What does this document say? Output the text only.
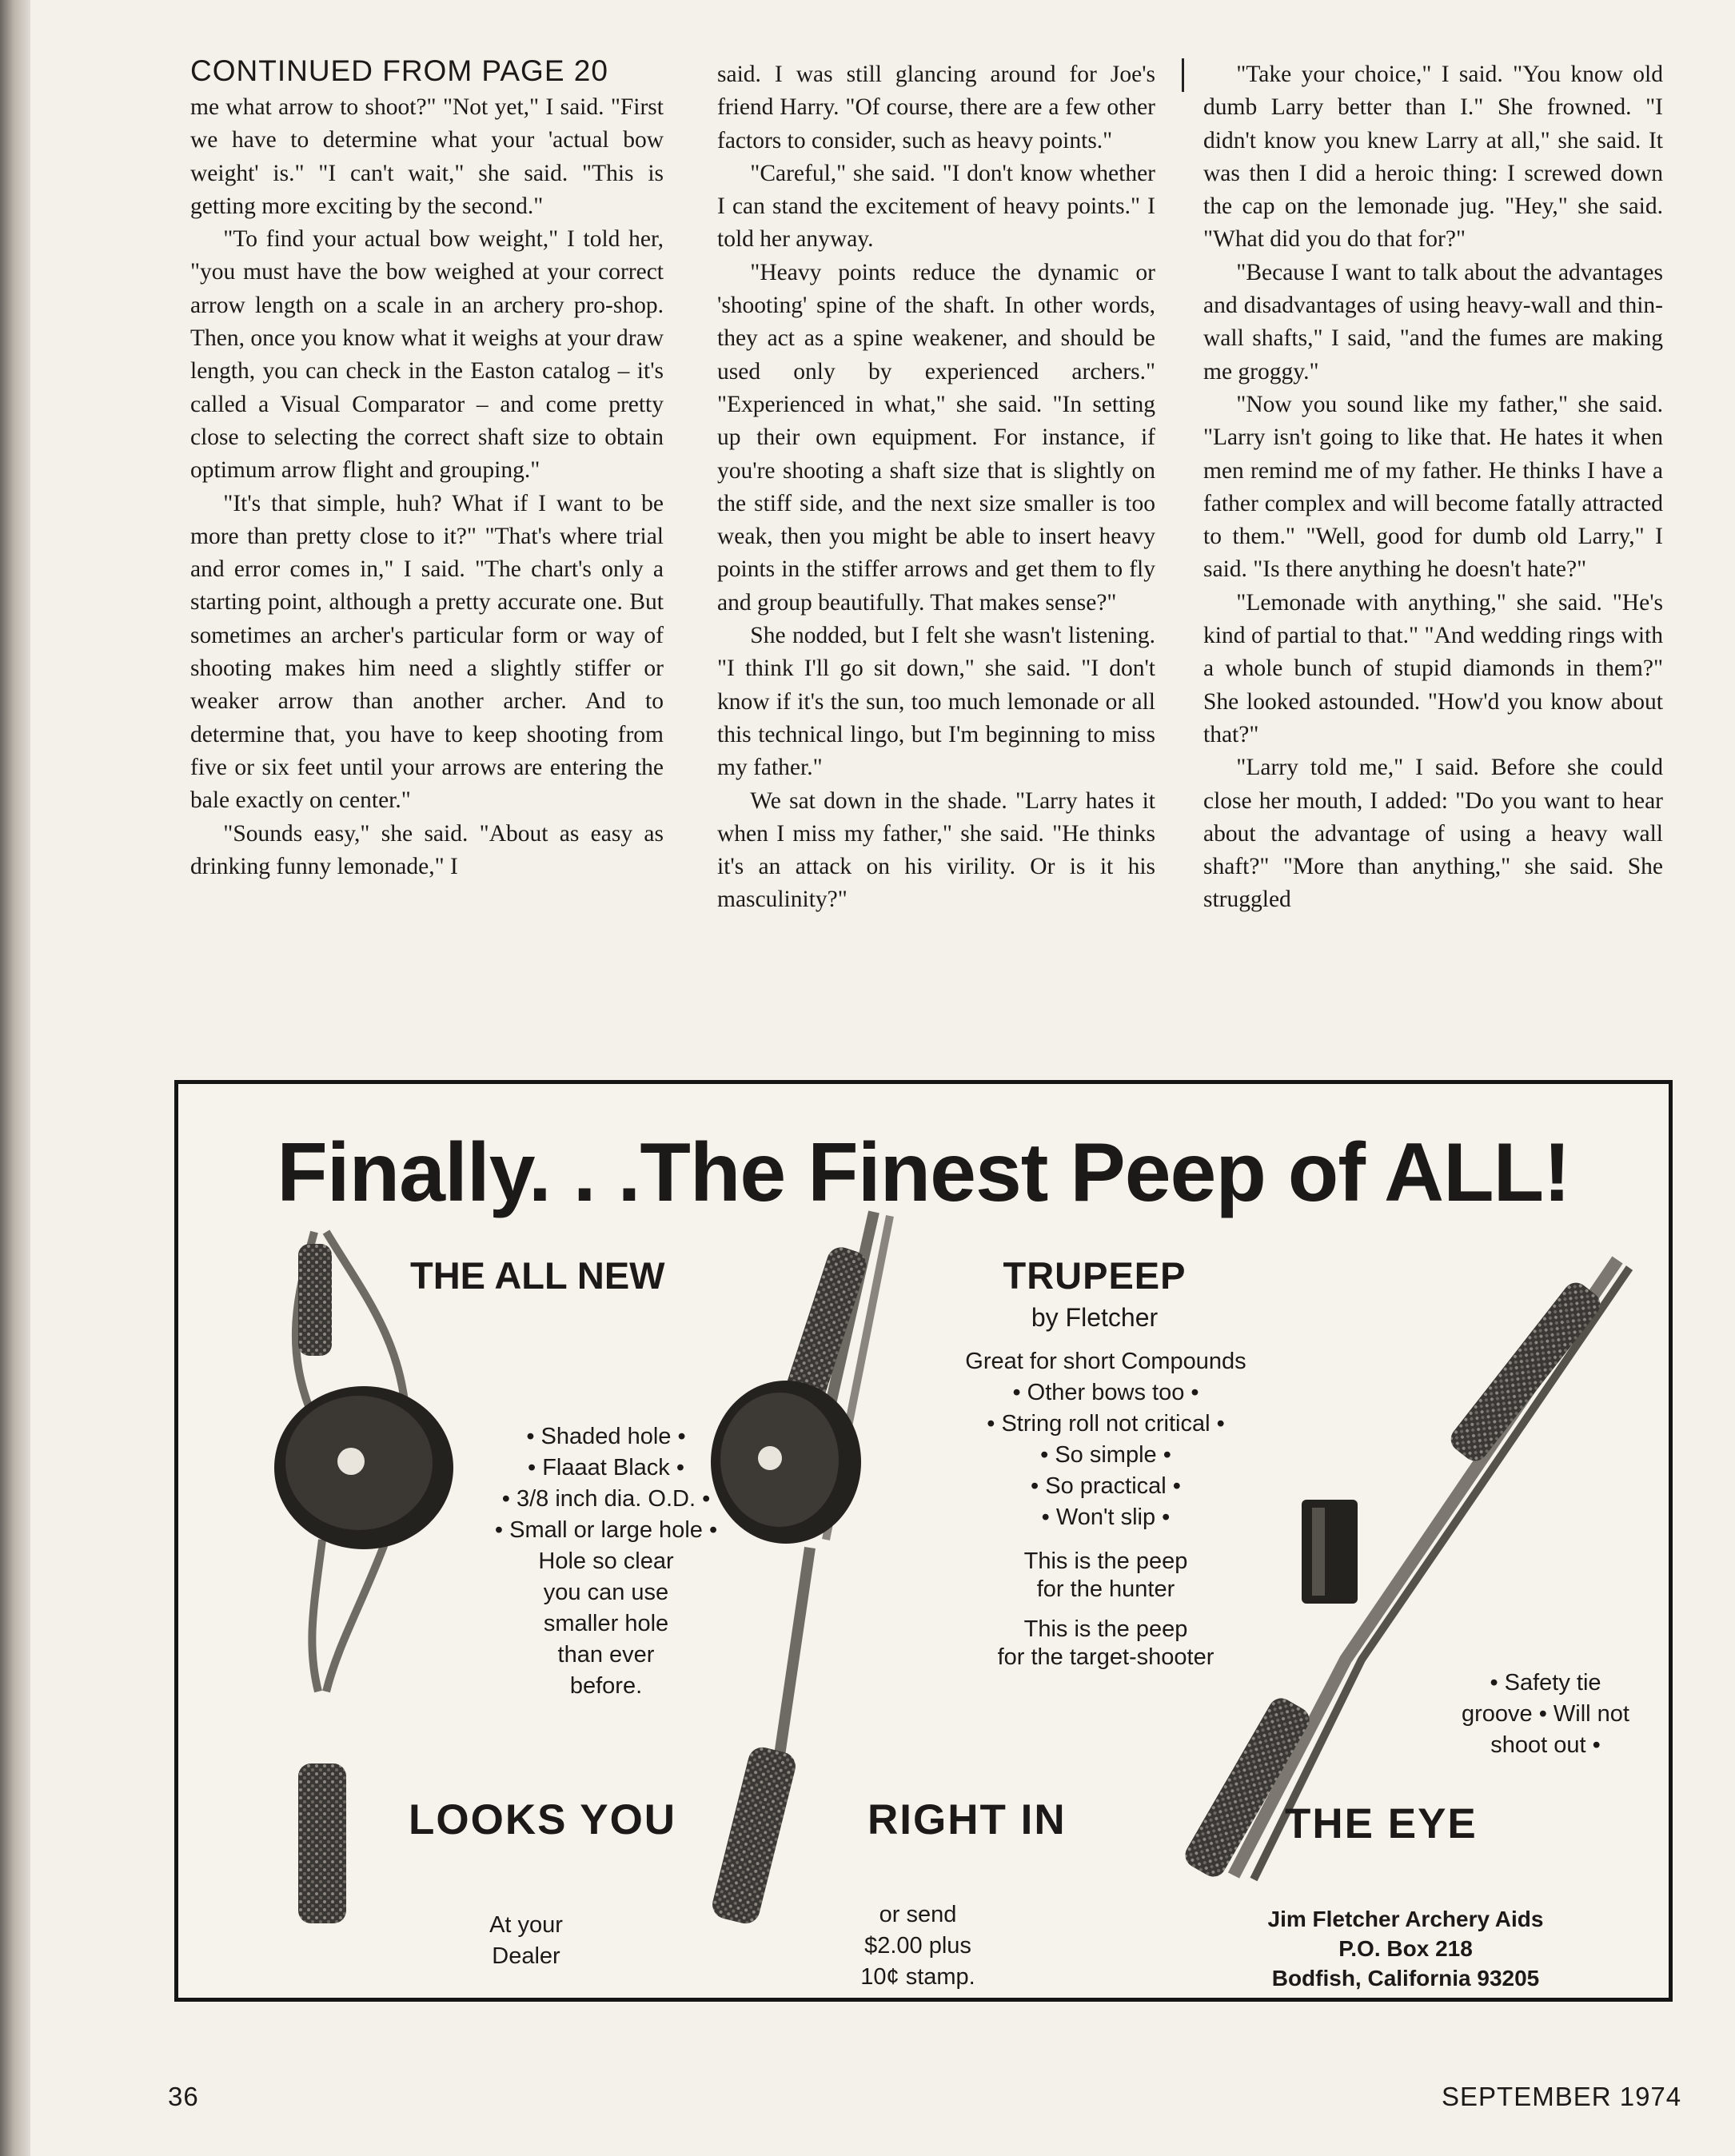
CONTINUED FROM PAGE 20

me what arrow to shoot?" "Not yet," I said. "First we have to determine what your 'actual bow weight' is." "I can't wait," she said. "This is getting more exciting by the second."

"To find your actual bow weight," I told her, "you must have the bow weighed at your correct arrow length on a scale in an archery pro-shop. Then, once you know what it weighs at your draw length, you can check in the Easton catalog – it's called a Visual Comparator – and come pretty close to selecting the correct shaft size to obtain optimum arrow flight and grouping."

"It's that simple, huh? What if I want to be more than pretty close to it?" "That's where trial and error comes in," I said. "The chart's only a starting point, although a pretty accurate one. But sometimes an archer's particular form or way of shooting makes him need a slightly stiffer or weaker arrow than another archer. And to determine that, you have to keep shooting from five or six feet until your arrows are entering the bale exactly on center."

"Sounds easy," she said. "About as easy as drinking funny lemonade," I

said. I was still glancing around for Joe's friend Harry. "Of course, there are a few other factors to consider, such as heavy points."

"Careful," she said. "I don't know whether I can stand the excitement of heavy points." I told her anyway.

"Heavy points reduce the dynamic or 'shooting' spine of the shaft. In other words, they act as a spine weakener, and should be used only by experienced archers." "Experienced in what," she said. "In setting up their own equipment. For instance, if you're shooting a shaft size that is slightly on the stiff side, and the next size smaller is too weak, then you might be able to insert heavy points in the stiffer arrows and get them to fly and group beautifully. That makes sense?"

She nodded, but I felt she wasn't listening. "I think I'll go sit down," she said. "I don't know if it's the sun, too much lemonade or all this technical lingo, but I'm beginning to miss my father."

We sat down in the shade. "Larry hates it when I miss my father," she said. "He thinks it's an attack on his virility. Or is it his masculinity?"

"Take your choice," I said. "You know old dumb Larry better than I." She frowned. "I didn't know you knew Larry at all," she said. It was then I did a heroic thing: I screwed down the cap on the lemonade jug. "Hey," she said. "What did you do that for?"

"Because I want to talk about the advantages and disadvantages of using heavy-wall and thin-wall shafts," I said, "and the fumes are making me groggy."

"Now you sound like my father," she said. "Larry isn't going to like that. He hates it when men remind me of my father. He thinks I have a father complex and will become fatally attracted to them." "Well, good for dumb old Larry," I said. "Is there anything he doesn't hate?"

"Lemonade with anything," she said. "He's kind of partial to that." "And wedding rings with a whole bunch of stupid diamonds in them?" She looked astounded. "How'd you know about that?"

"Larry told me," I said. Before she could close her mouth, I added: "Do you want to hear about the advantage of using a heavy wall shaft?" "More than anything," she said. She struggled

Finally. . .The Finest Peep of ALL!
THE ALL NEW	TRUPEEP
by Fletcher
• Shaded hole •
• Flaaat Black •
• 3/8 inch dia. O.D. •
• Small or large hole •
Hole so clear
you can use
smaller hole
than ever
before.
Great for short Compounds
• Other bows too •
• String roll not critical •
• So simple •
• So practical •
• Won't slip •
This is the peep
for the hunter
This is the peep
for the target-shooter
• Safety tie
groove • Will not
shoot out •
LOOKS YOU	RIGHT IN	THE EYE
At your
Dealer
or send
$2.00 plus
10¢ stamp.
Jim Fletcher Archery Aids
P.O. Box 218
Bodfish, California 93205
36	SEPTEMBER 1974
